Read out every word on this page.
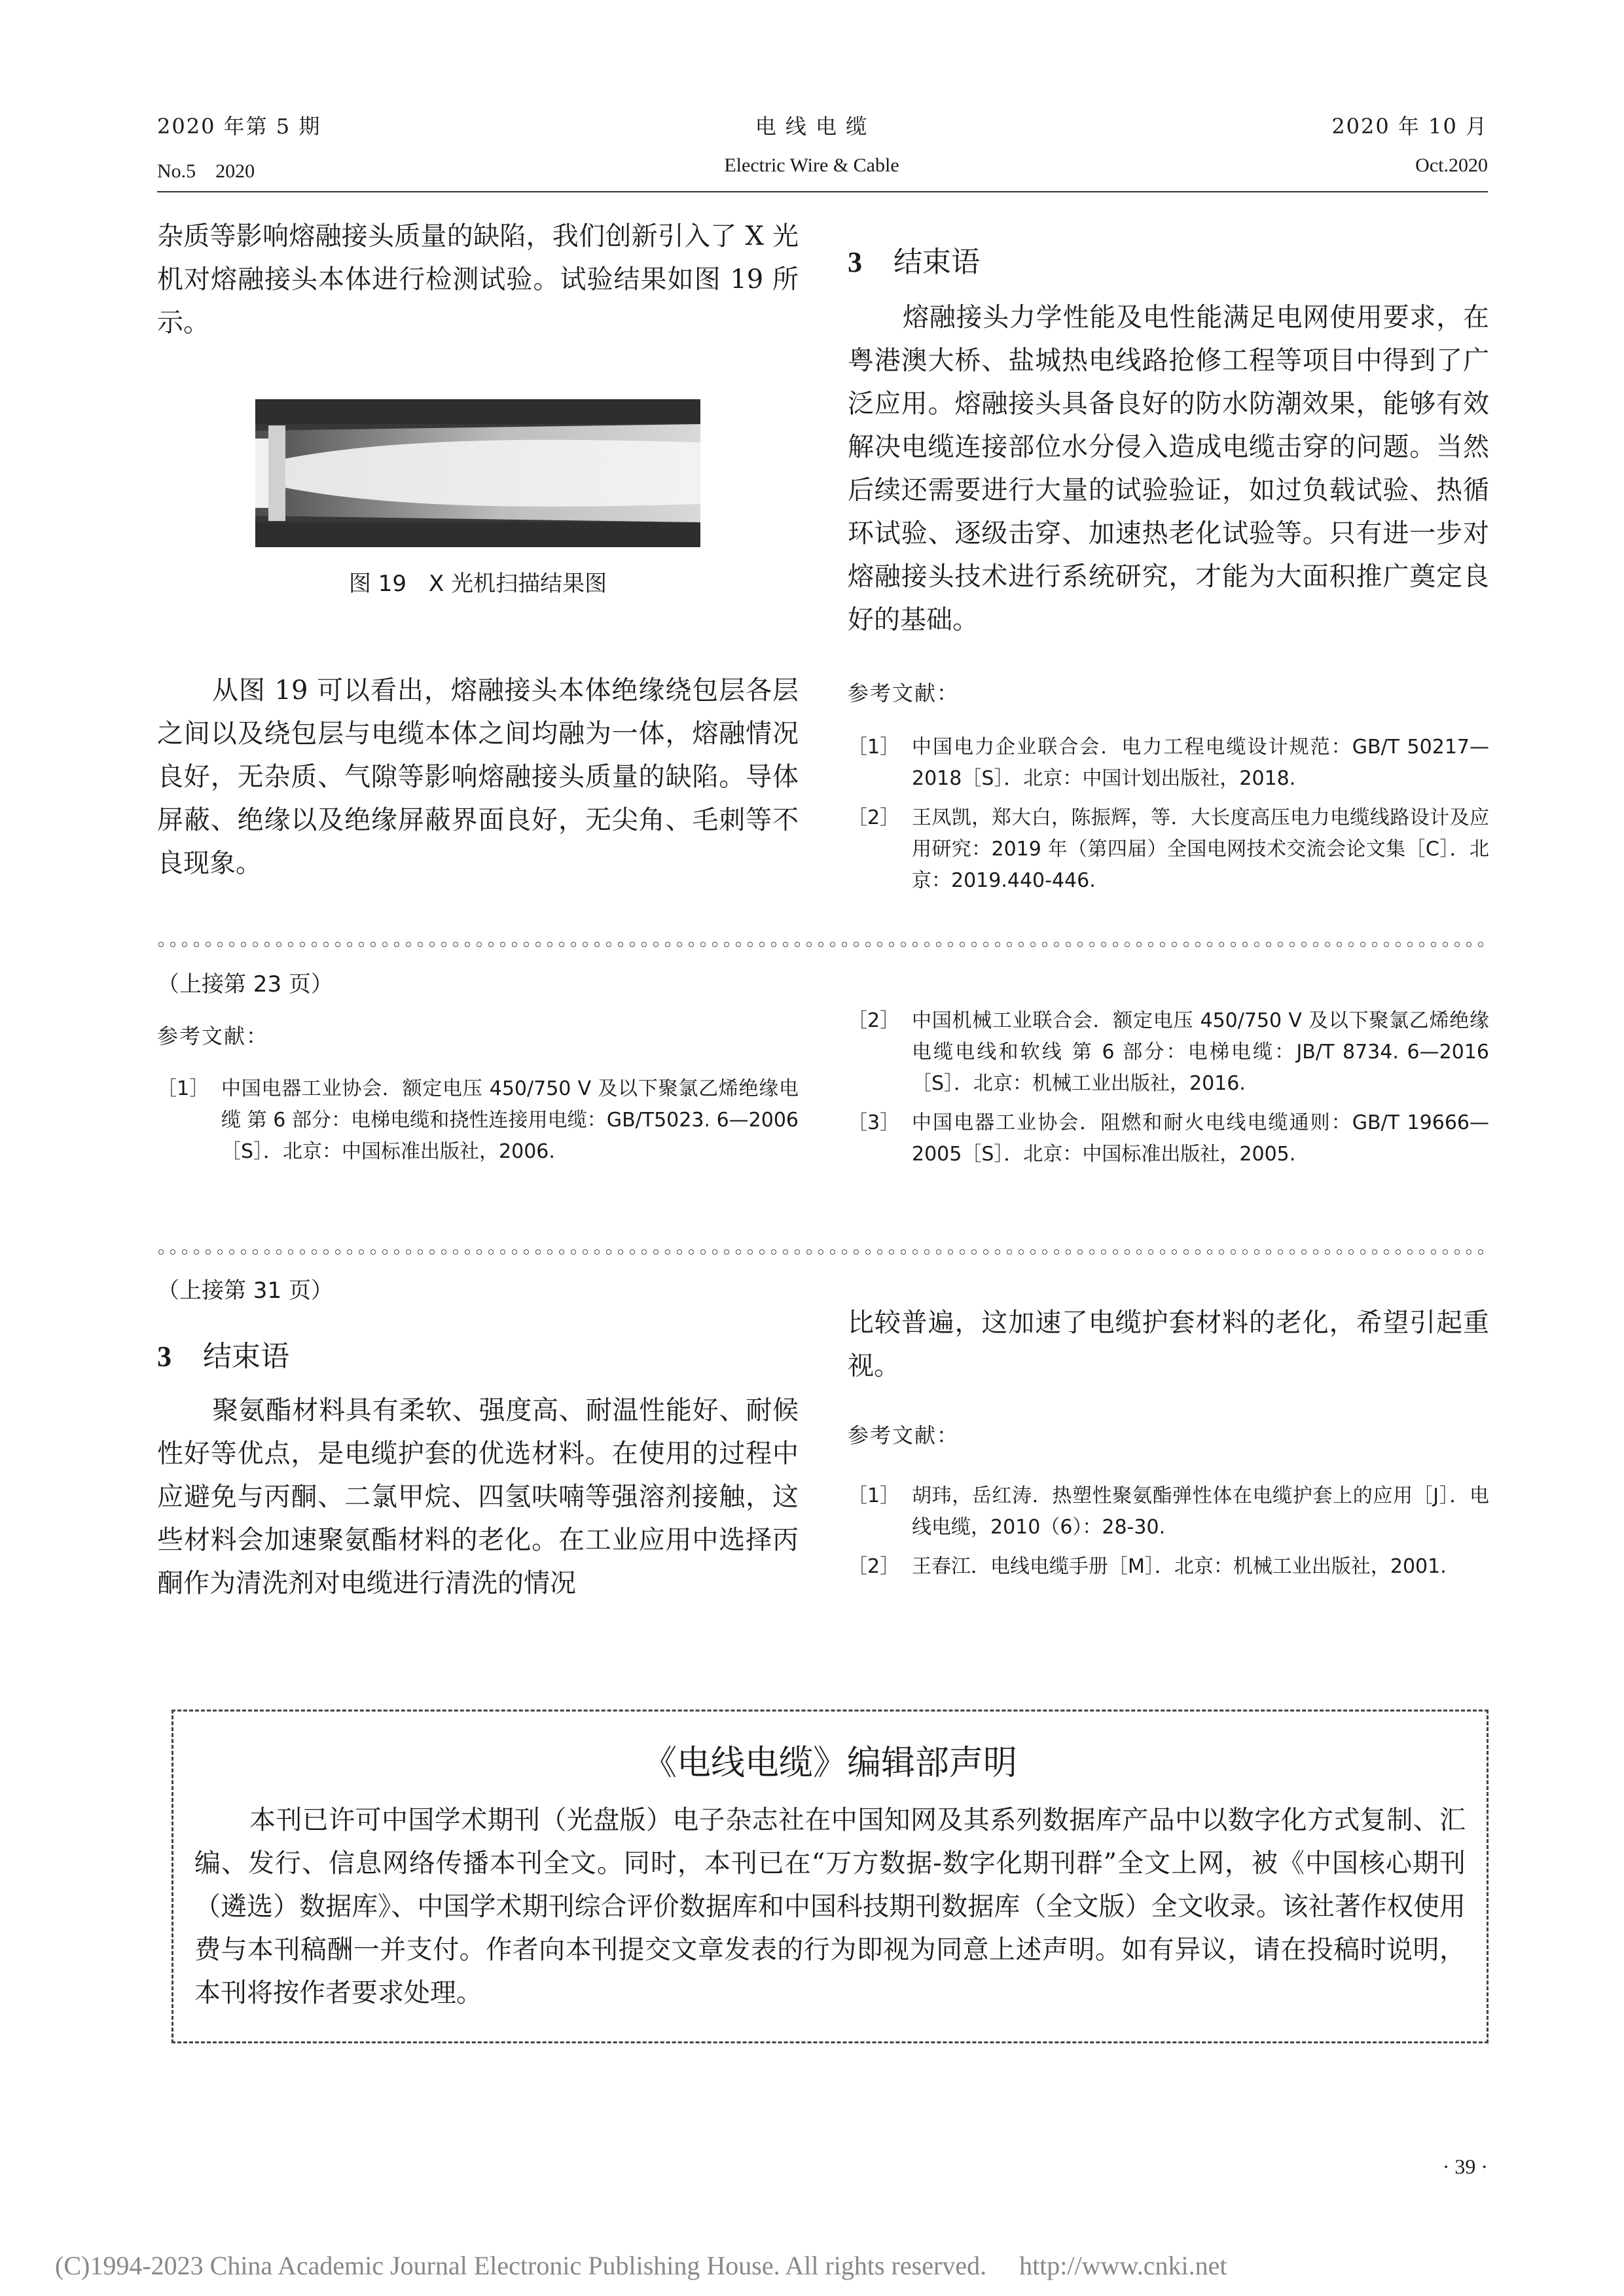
2020 年第 5 期
No.5　2020
电 线 电 缆
Electric Wire & Cable
2020 年 10 月
Oct.2020

杂质等影响熔融接头质量的缺陷，我们创新引入了 X 光机对熔融接头本体进行检测试验。试验结果如图 19 所示。

图 19　X 光机扫描结果图

从图 19 可以看出，熔融接头本体绝缘绕包层各层之间以及绕包层与电缆本体之间均融为一体，熔融情况良好，无杂质、气隙等影响熔融接头质量的缺陷。导体屏蔽、绝缘以及绝缘屏蔽界面良好，无尖角、毛刺等不良现象。

3 结束语

熔融接头力学性能及电性能满足电网使用要求，在粤港澳大桥、盐城热电线路抢修工程等项目中得到了广泛应用。熔融接头具备良好的防水防潮效果，能够有效解决电缆连接部位水分侵入造成电缆击穿的问题。当然后续还需要进行大量的试验验证，如过负载试验、热循环试验、逐级击穿、加速热老化试验等。只有进一步对熔融接头技术进行系统研究，才能为大面积推广奠定良好的基础。

参考文献：
［1］ 中国电力企业联合会．电力工程电缆设计规范：GB/T 50217—2018［S］．北京：中国计划出版社，2018.
［2］ 王凤凯，郑大白，陈振辉，等．大长度高压电力电缆线路设计及应用研究：2019 年（第四届）全国电网技术交流会论文集［C］．北京：2019.440-446.
（上接第 23 页）
参考文献：
［1］ 中国电器工业协会．额定电压 450/750 V 及以下聚氯乙烯绝缘电缆 第 6 部分：电梯电缆和挠性连接用电缆：GB/T5023. 6—2006［S］．北京：中国标准出版社，2006.
［2］ 中国机械工业联合会．额定电压 450/750 V 及以下聚氯乙烯绝缘电缆电线和软线 第 6 部分：电梯电缆：JB/T 8734. 6—2016［S］．北京：机械工业出版社，2016.
［3］ 中国电器工业协会．阻燃和耐火电线电缆通则：GB/T 19666—2005［S］．北京：中国标准出版社，2005.
（上接第 31 页）
3 结束语

聚氨酯材料具有柔软、强度高、耐温性能好、耐候性好等优点，是电缆护套的优选材料。在使用的过程中应避免与丙酮、二氯甲烷、四氢呋喃等强溶剂接触，这些材料会加速聚氨酯材料的老化。在工业应用中选择丙酮作为清洗剂对电缆进行清洗的情况

比较普遍，这加速了电缆护套材料的老化，希望引起重视。

参考文献：
［1］ 胡玮，岳红涛．热塑性聚氨酯弹性体在电缆护套上的应用［J］．电线电缆，2010（6）：28-30.
［2］ 王春江．电线电缆手册［M］．北京：机械工业出版社，2001.
《电线电缆》编辑部声明

本刊已许可中国学术期刊（光盘版）电子杂志社在中国知网及其系列数据库产品中以数字化方式复制、汇编、发行、信息网络传播本刊全文。同时，本刊已在“万方数据-数字化期刊群”全文上网，被《中国核心期刊（遴选）数据库》、中国学术期刊综合评价数据库和中国科技期刊数据库（全文版）全文收录。该社著作权使用费与本刊稿酬一并支付。作者向本刊提交文章发表的行为即视为同意上述声明。如有异议，请在投稿时说明，本刊将按作者要求处理。

· 39 ·
(C)1994-2023 China Academic Journal Electronic Publishing House. All rights reserved.　 http://www.cnki.net
